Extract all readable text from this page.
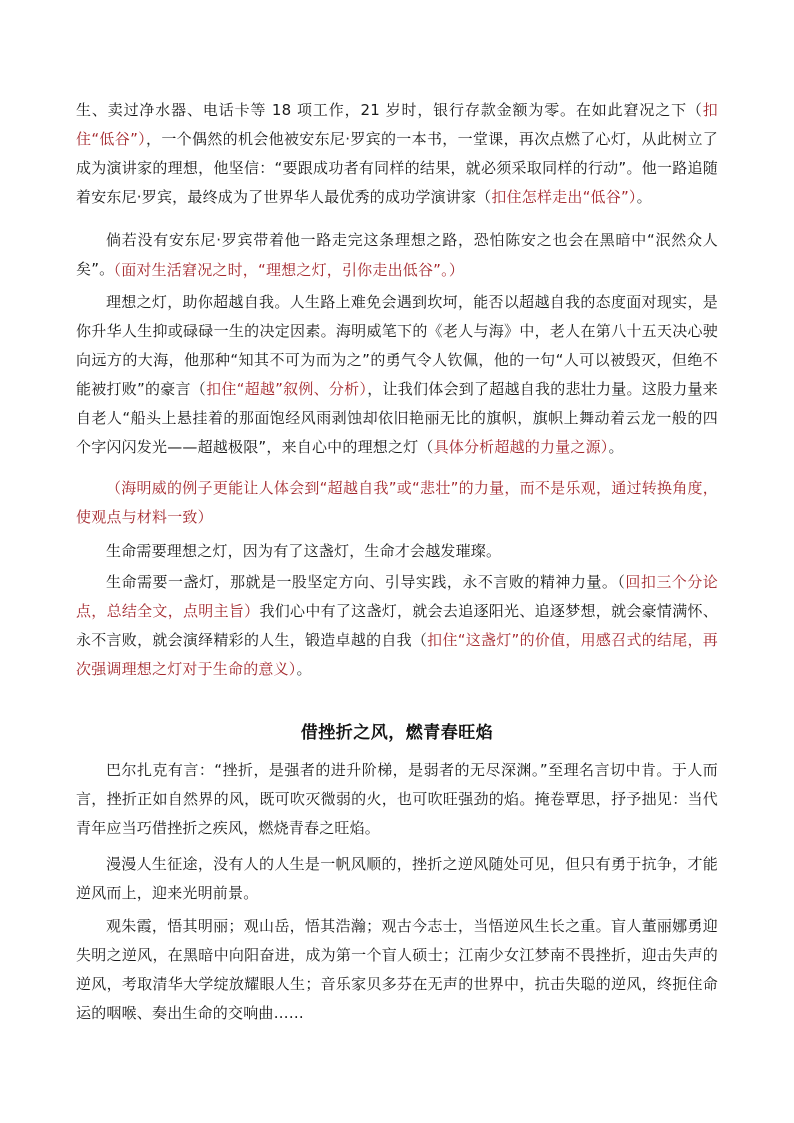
生、卖过净水器、电话卡等 18 项工作，21 岁时，银行存款金额为零。在如此窘况之下（扣住“低谷”），一个偶然的机会他被安东尼·罗宾的一本书，一堂课，再次点燃了心灯，从此树立了成为演讲家的理想，他坚信：“要跟成功者有同样的结果，就必须采取同样的行动”。他一路追随着安东尼·罗宾，最终成为了世界华人最优秀的成功学演讲家（扣住怎样走出“低谷”）。
倘若没有安东尼·罗宾带着他一路走完这条理想之路，恐怕陈安之也会在黑暗中“泯然众人矣”。
（面对生活窘况之时，“理想之灯，引你走出低谷”。）
理想之灯，助你超越自我。人生路上难免会遇到坎坷，能否以超越自我的态度面对现实，是你升华人生抑或碌碌一生的决定因素。海明威笔下的《老人与海》中，老人在第八十五天决心驶向远方的大海，他那种“知其不可为而为之”的勇气令人钦佩，他的一句“人可以被毁灭，但绝不能被打败”的豪言（扣住“超越”叙例、分析），让我们体会到了超越自我的悲壮力量。这股力量来自老人“船头上悬挂着的那面饱经风雨剥蚀却依旧艳丽无比的旗帜，旗帜上舞动着云龙一般的四个字闪闪发光——超越极限”，来自心中的理想之灯（具体分析超越的力量之源）。
（海明威的例子更能让人体会到“超越自我”或“悲壮”的力量，而不是乐观，通过转换角度，使观点与材料一致）
生命需要理想之灯，因为有了这盏灯，生命才会越发璀璨。
生命需要一盏灯，那就是一股坚定方向、引导实践，永不言败的精神力量。（回扣三个分论点，总结全文，点明主旨）我们心中有了这盏灯，就会去追逐阳光、追逐梦想，就会豪情满怀、永不言败，就会演绎精彩的人生，锻造卓越的自我（扣住“这盏灯”的价值，用感召式的结尾，再次强调理想之灯对于生命的意义）。
借挫折之风，燃青春旺焰
巴尔扎克有言：“挫折，是强者的进升阶梯，是弱者的无尽深渊。”至理名言切中肯。于人而言，挫折正如自然界的风，既可吹灭微弱的火，也可吹旺强劲的焰。掩卷覃思，抒予拙见：当代青年应当巧借挫折之疾风，燃烧青春之旺焰。
漫漫人生征途，没有人的人生是一帆风顺的，挫折之逆风随处可见，但只有勇于抗争，才能逆风而上，迎来光明前景。
观朱霞，悟其明丽；观山岳，悟其浩瀚；观古今志士，当悟逆风生长之重。盲人董丽娜勇迎失明之逆风，在黑暗中向阳奋进，成为第一个盲人硕士；江南少女江梦南不畏挫折，迎击失声的逆风，考取清华大学绽放耀眼人生；音乐家贝多芬在无声的世界中，抗击失聪的逆风，终扼住命运的咽喉、奏出生命的交响曲……
